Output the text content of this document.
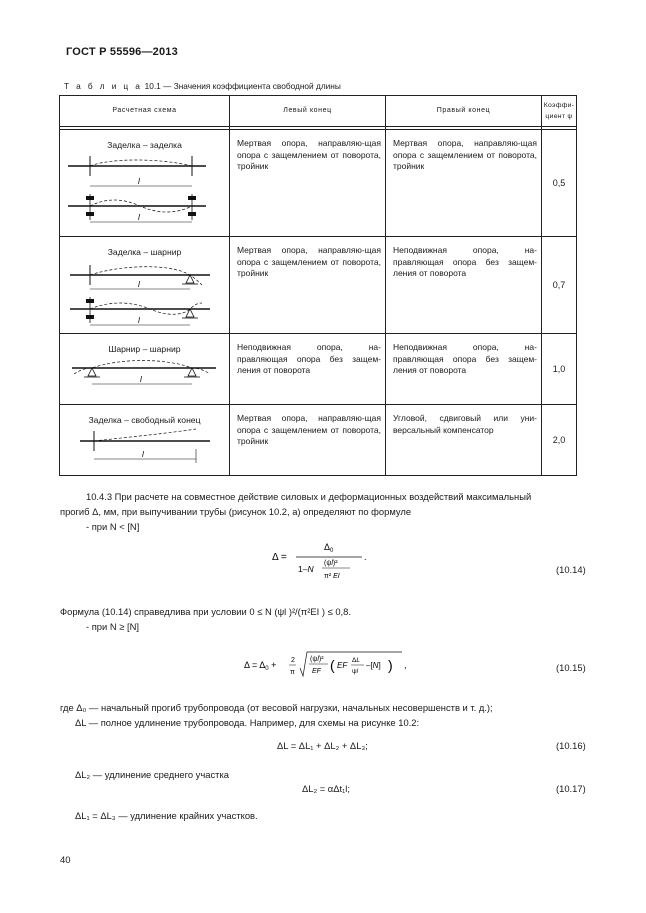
ГОСТ Р 55596—2013
Т а б л и ц а 10.1 — Значения коэффициента свободной длины
Расчетная схема	Левый конец	Правый конец	Коэффи-циент ψ

Заделка – заделка
l
l	Мертвая опора, направляю-щая опора с защемлением от поворота, тройник	Мертвая опора, направляю-щая опора с защемлением от поворота, тройник	0,5

Заделка – шарнир
l
l	Мертвая опора, направляю-щая опора с защемлением от поворота, тройник	Неподвижная опора, на-правляющая опора без защем-ления от поворота	0,7

Шарнир – шарнир
l	Неподвижная опора, на-правляющая опора без защем-ления от поворота	Неподвижная опора, на-правляющая опора без защем-ления от поворота	1,0

Заделка – свободный конец
l	Мертвая опора, направляю-щая опора с защемлением от поворота, тройник	Угловой, сдвиговый или уни-версальный компенсатор	2,0
10.4.3 При расчете на совместное действие силовых и деформационных воздействий максимальный
прогиб Δ, мм, при выпучивании трубы (рисунок 10.2, а) определяют по формуле
- при N < [N]
Δ =
$\Delta_0$
1–N
(ψl)²
π² EI
.
(10.14)
Формула (10.14) справедлива при условии 0 ≤ N (ψl )²/(π²EI ) ≤ 0,8.
- при N ≥ [N]
$\Delta = \Delta_0 + 2$
π
(ψl)²
EF ( EF
ΔL
ψl
–[N] ) ,	(10.15)
где Δ₀ — начальный прогиб трубопровода (от весовой нагрузки, начальных несовершенств и т. д.);
ΔL — полное удлинение трубопровода. Например, для схемы на рисунке 10.2:
ΔL = ΔL₁ + ΔL₂ + ΔL₃;	(10.16)
ΔL₂ — удлинение среднего участка
ΔL₂ = αΔt₁l;	(10.17)
ΔL₁ = ΔL₃ — удлинение крайних участков.
40
